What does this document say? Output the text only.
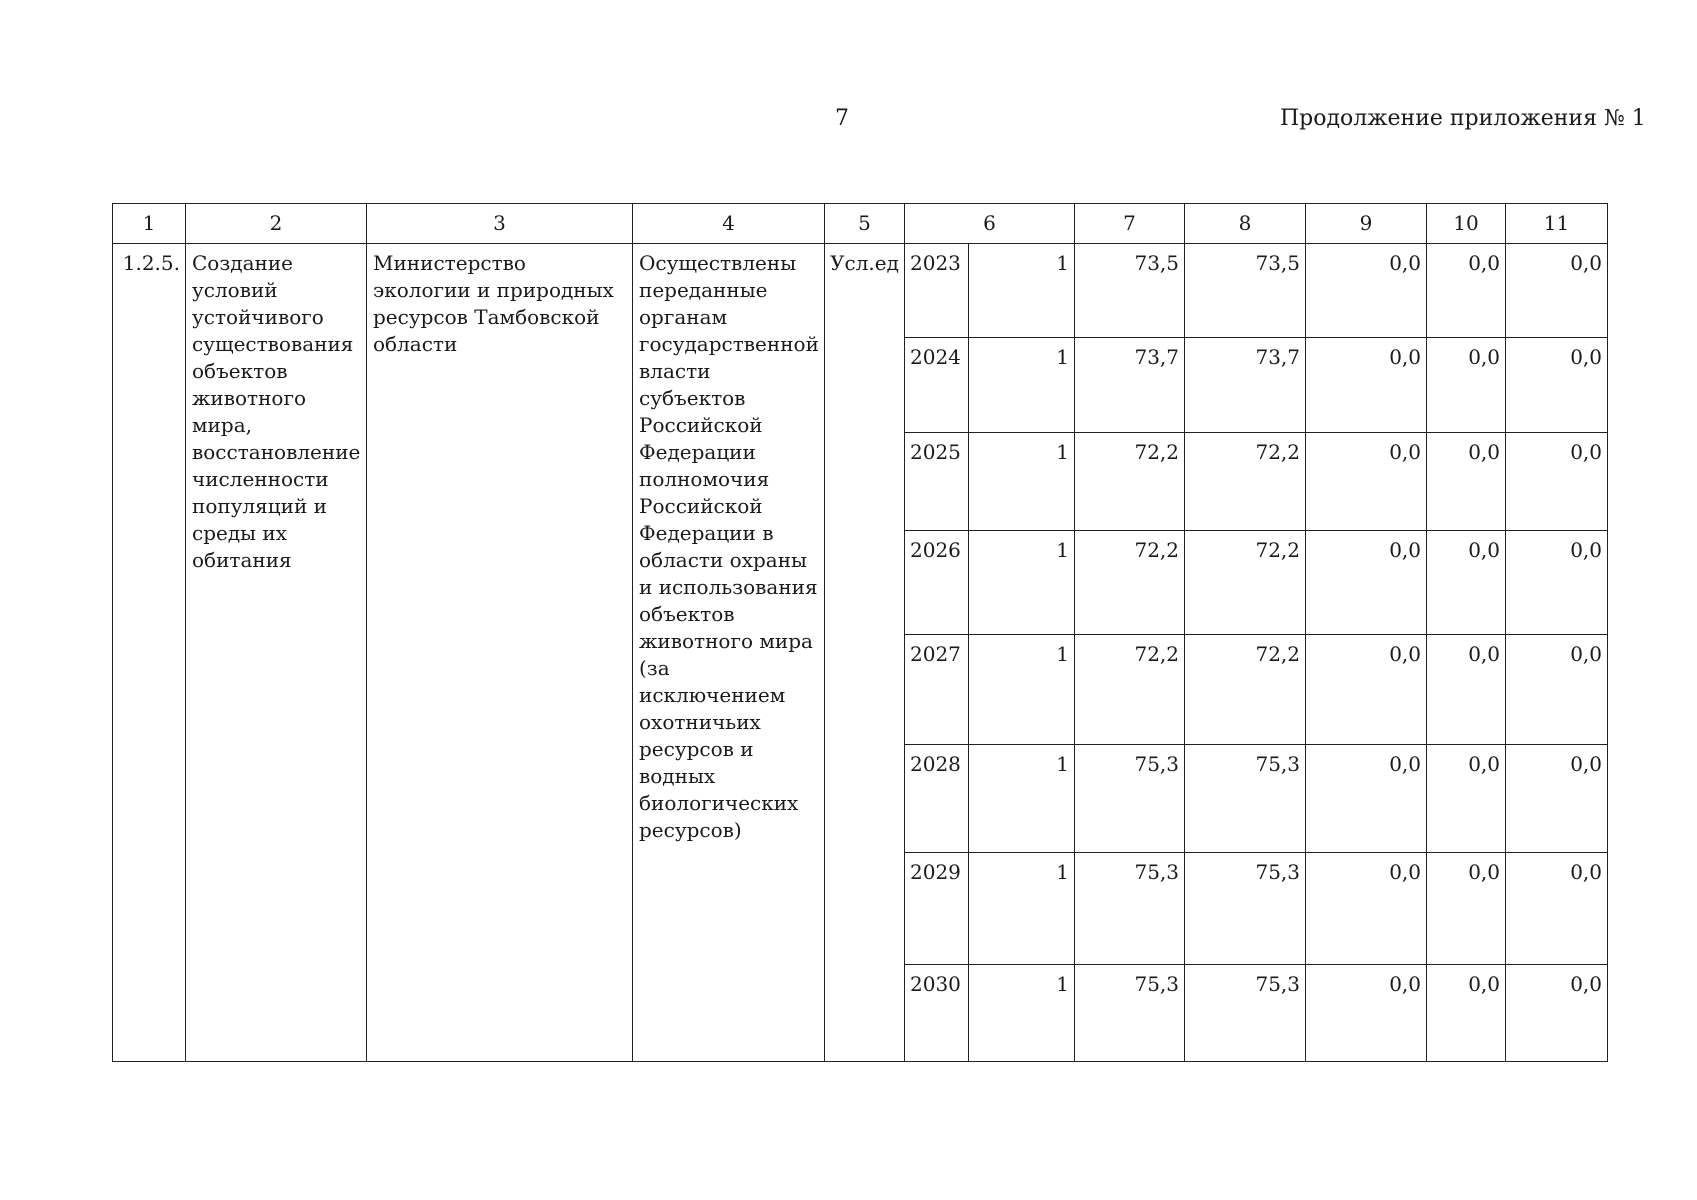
7	Продолжение приложения № 1
1	2	3	4	5	6		7	8	9	10	11
1.2.5.	Создание условий устойчивого существования объектов животного мира, восстановление численности популяций и среды их обитания	Министерство экологии и природных ресурсов Тамбовской области	Осуществлены переданные органам государственной власти субъектов Российской Федерации полномочия Российской Федерации в области охраны и использования объектов животного мира (за исключением охотничьих ресурсов и водных биологических ресурсов)	Усл.ед	2023	1	73,5	73,5	0,0	0,0	0,0
					2024	1	73,7	73,7	0,0	0,0	0,0
					2025	1	72,2	72,2	0,0	0,0	0,0
					2026	1	72,2	72,2	0,0	0,0	0,0
					2027	1	72,2	72,2	0,0	0,0	0,0
					2028	1	75,3	75,3	0,0	0,0	0,0
					2029	1	75,3	75,3	0,0	0,0	0,0
					2030	1	75,3	75,3	0,0	0,0	0,0
